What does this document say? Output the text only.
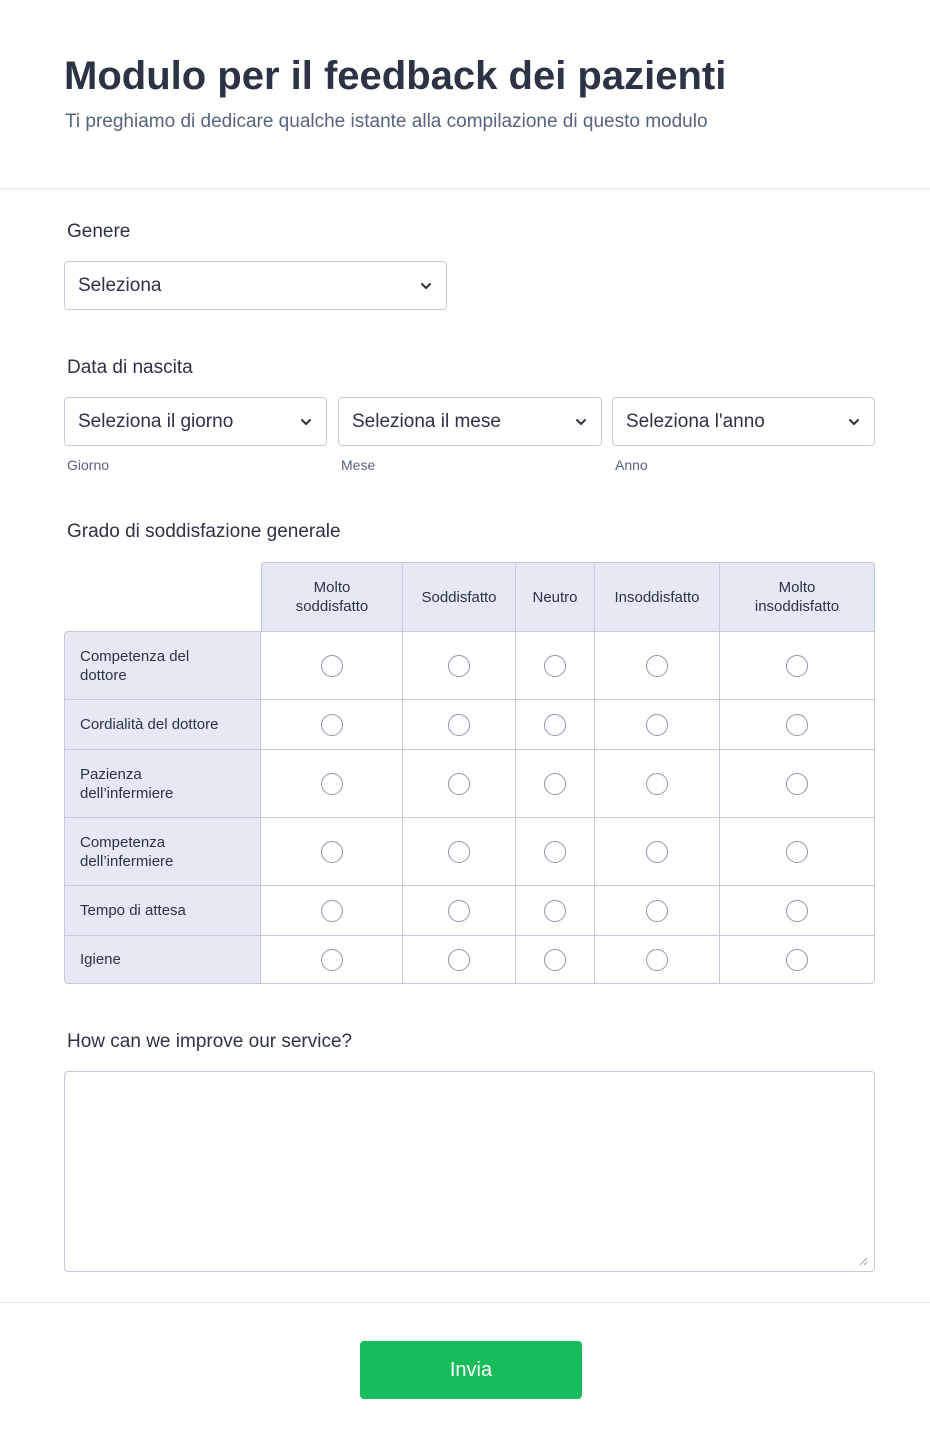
Modulo per il feedback dei pazienti

Ti preghiamo di dedicare qualche istante alla compilazione di questo modulo

Genere
Seleziona
Data di nascita
Seleziona il giorno	Seleziona il mese	Seleziona l'anno
Giorno	Mese	Anno
Grado di soddisfazione generale
	Molto soddisfatto	Soddisfatto	Neutro	Insoddisfatto	Molto insoddisfatto
Competenza del dottore					
Cordialità del dottore					
Pazienza dell’infermiere					
Competenza dell’infermiere					
Tempo di attesa					
Igiene					
How can we improve our service?
Invia
